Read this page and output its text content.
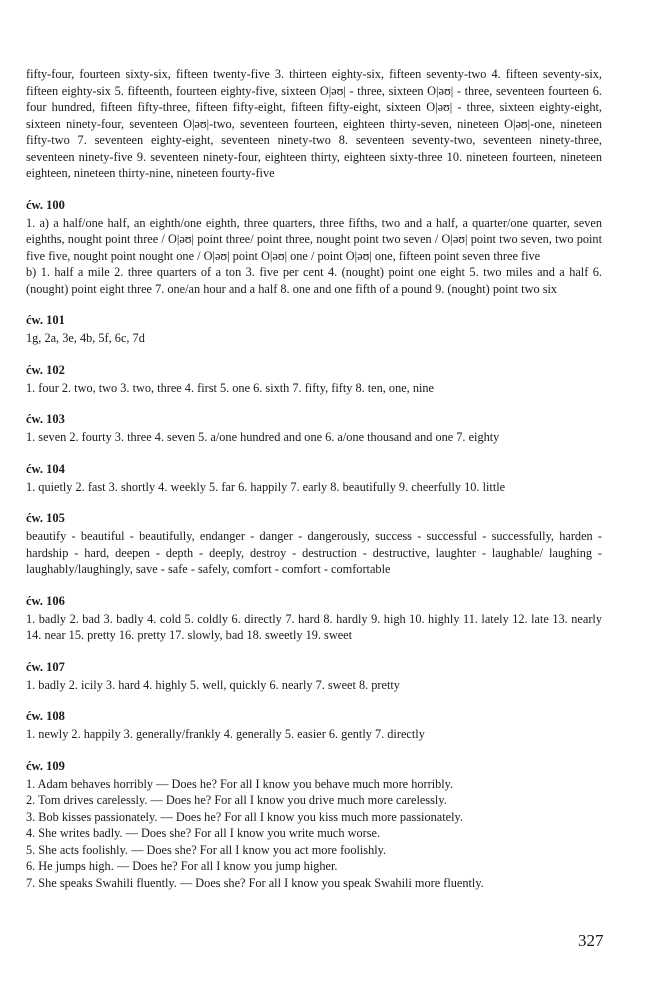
fifty-four, fourteen sixty-six, fifteen twenty-five 3. thirteen eighty-six, fifteen seventy-two 4. fifteen seventy-six, fifteen eighty-six 5. fifteenth, fourteen eighty-five, sixteen O|əʊ| - three, sixteen O|əʊ| - three, seventeen fourteen 6. four hundred, fifteen fifty-three, fifteen fifty-eight, fifteen fifty-eight, sixteen O|əʊ| - three, sixteen eighty-eight, sixteen ninety-four, seventeen O|əʊ|-two, seventeen fourteen, eighteen thirty-seven, nineteen O|əʊ|-one, nineteen fifty-two 7. seventeen eighty-eight, seventeen ninety-two 8. seventeen seventy-two, seventeen ninety-three, seventeen ninety-five 9. seventeen ninety-four, eighteen thirty, eighteen sixty-three 10. nineteen fourteen, nineteen eighteen, nineteen thirty-nine, nineteen fourty-five

ćw. 100

1. a) a half/one half, an eighth/one eighth, three quarters, three fifths, two and a half, a quarter/one quarter, seven eighths, nought point three / O|əʊ| point three/ point three, nought point two seven / O|əʊ| point two seven, two point five five, nought point nought one / O|əʊ| point O|əʊ| one / point O|əʊ| one, fifteen point seven three five

b) 1. half a mile 2. three quarters of a ton 3. five per cent 4. (nought) point one eight 5. two miles and a half 6. (nought) point eight three 7. one/an hour and a half 8. one and one fifth of a pound 9. (nought) point two six

ćw. 101

1g, 2a, 3e, 4b, 5f, 6c, 7d

ćw. 102

1. four 2. two, two 3. two, three 4. first 5. one 6. sixth 7. fifty, fifty 8. ten, one, nine

ćw. 103

1. seven 2. fourty 3. three 4. seven 5. a/one hundred and one 6. a/one thousand and one 7. eighty

ćw. 104

1. quietly 2. fast 3. shortly 4. weekly 5. far 6. happily 7. early 8. beautifully 9. cheerfully 10. little

ćw. 105

beautify - beautiful - beautifully, endanger - danger - dangerously, success - successful - successfully, harden - hardship - hard, deepen - depth - deeply, destroy - destruction - destructive, laughter - laughable/ laughing - laughably/laughingly, save - safe - safely, comfort - comfort - comfortable

ćw. 106

1. badly 2. bad 3. badly 4. cold 5. coldly 6. directly 7. hard 8. hardly 9. high 10. highly 11. lately 12. late 13. nearly 14. near 15. pretty 16. pretty 17. slowly, bad 18. sweetly 19. sweet

ćw. 107

1. badly 2. icily 3. hard 4. highly 5. well, quickly 6. nearly 7. sweet 8. pretty

ćw. 108

1. newly 2. happily 3. generally/frankly 4. generally 5. easier 6. gently 7. directly

ćw. 109

1. Adam behaves horribly — Does he? For all I know you behave much more horribly.

2. Tom drives carelessly. — Does he? For all I know you drive much more carelessly.

3. Bob kisses passionately. — Does he? For all I know you kiss much more passionately.

4. She writes badly. — Does she? For all I know you write much worse.

5. She acts foolishly. — Does she? For all I know you act more foolishly.

6. He jumps high. — Does he? For all I know you jump higher.

7. She speaks Swahili fluently. — Does she? For all I know you speak Swahili more fluently.

327
